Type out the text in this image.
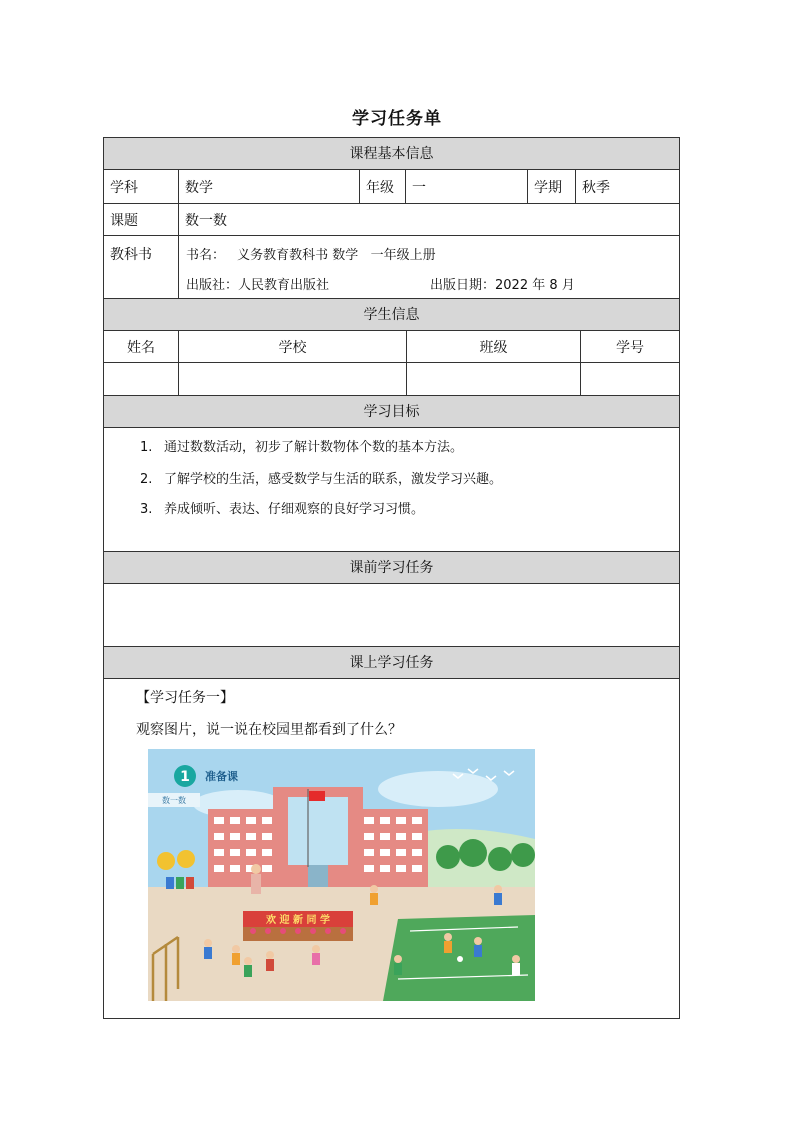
学习任务单
课程基本信息
学科	数学	年级	一	学期	秋季
课题	数一数
教科书	书名： 义务教育教科书 数学   一年级上册
出版社：人民教育出版社	出版日期：2022 年 8 月
学生信息
姓名	学校	班级	学号
学习目标
1. 通过数数活动，初步了解计数物体个数的基本方法。
2. 了解学校的生活，感受数学与生活的联系，激发学习兴趣。
3. 养成倾听、表达、仔细观察的良好学习习惯。
课前学习任务
课上学习任务
【学习任务一】
观察图片，说一说在校园里都看到了什么？
1 准备课
数一数
欢 迎 新 同 学
